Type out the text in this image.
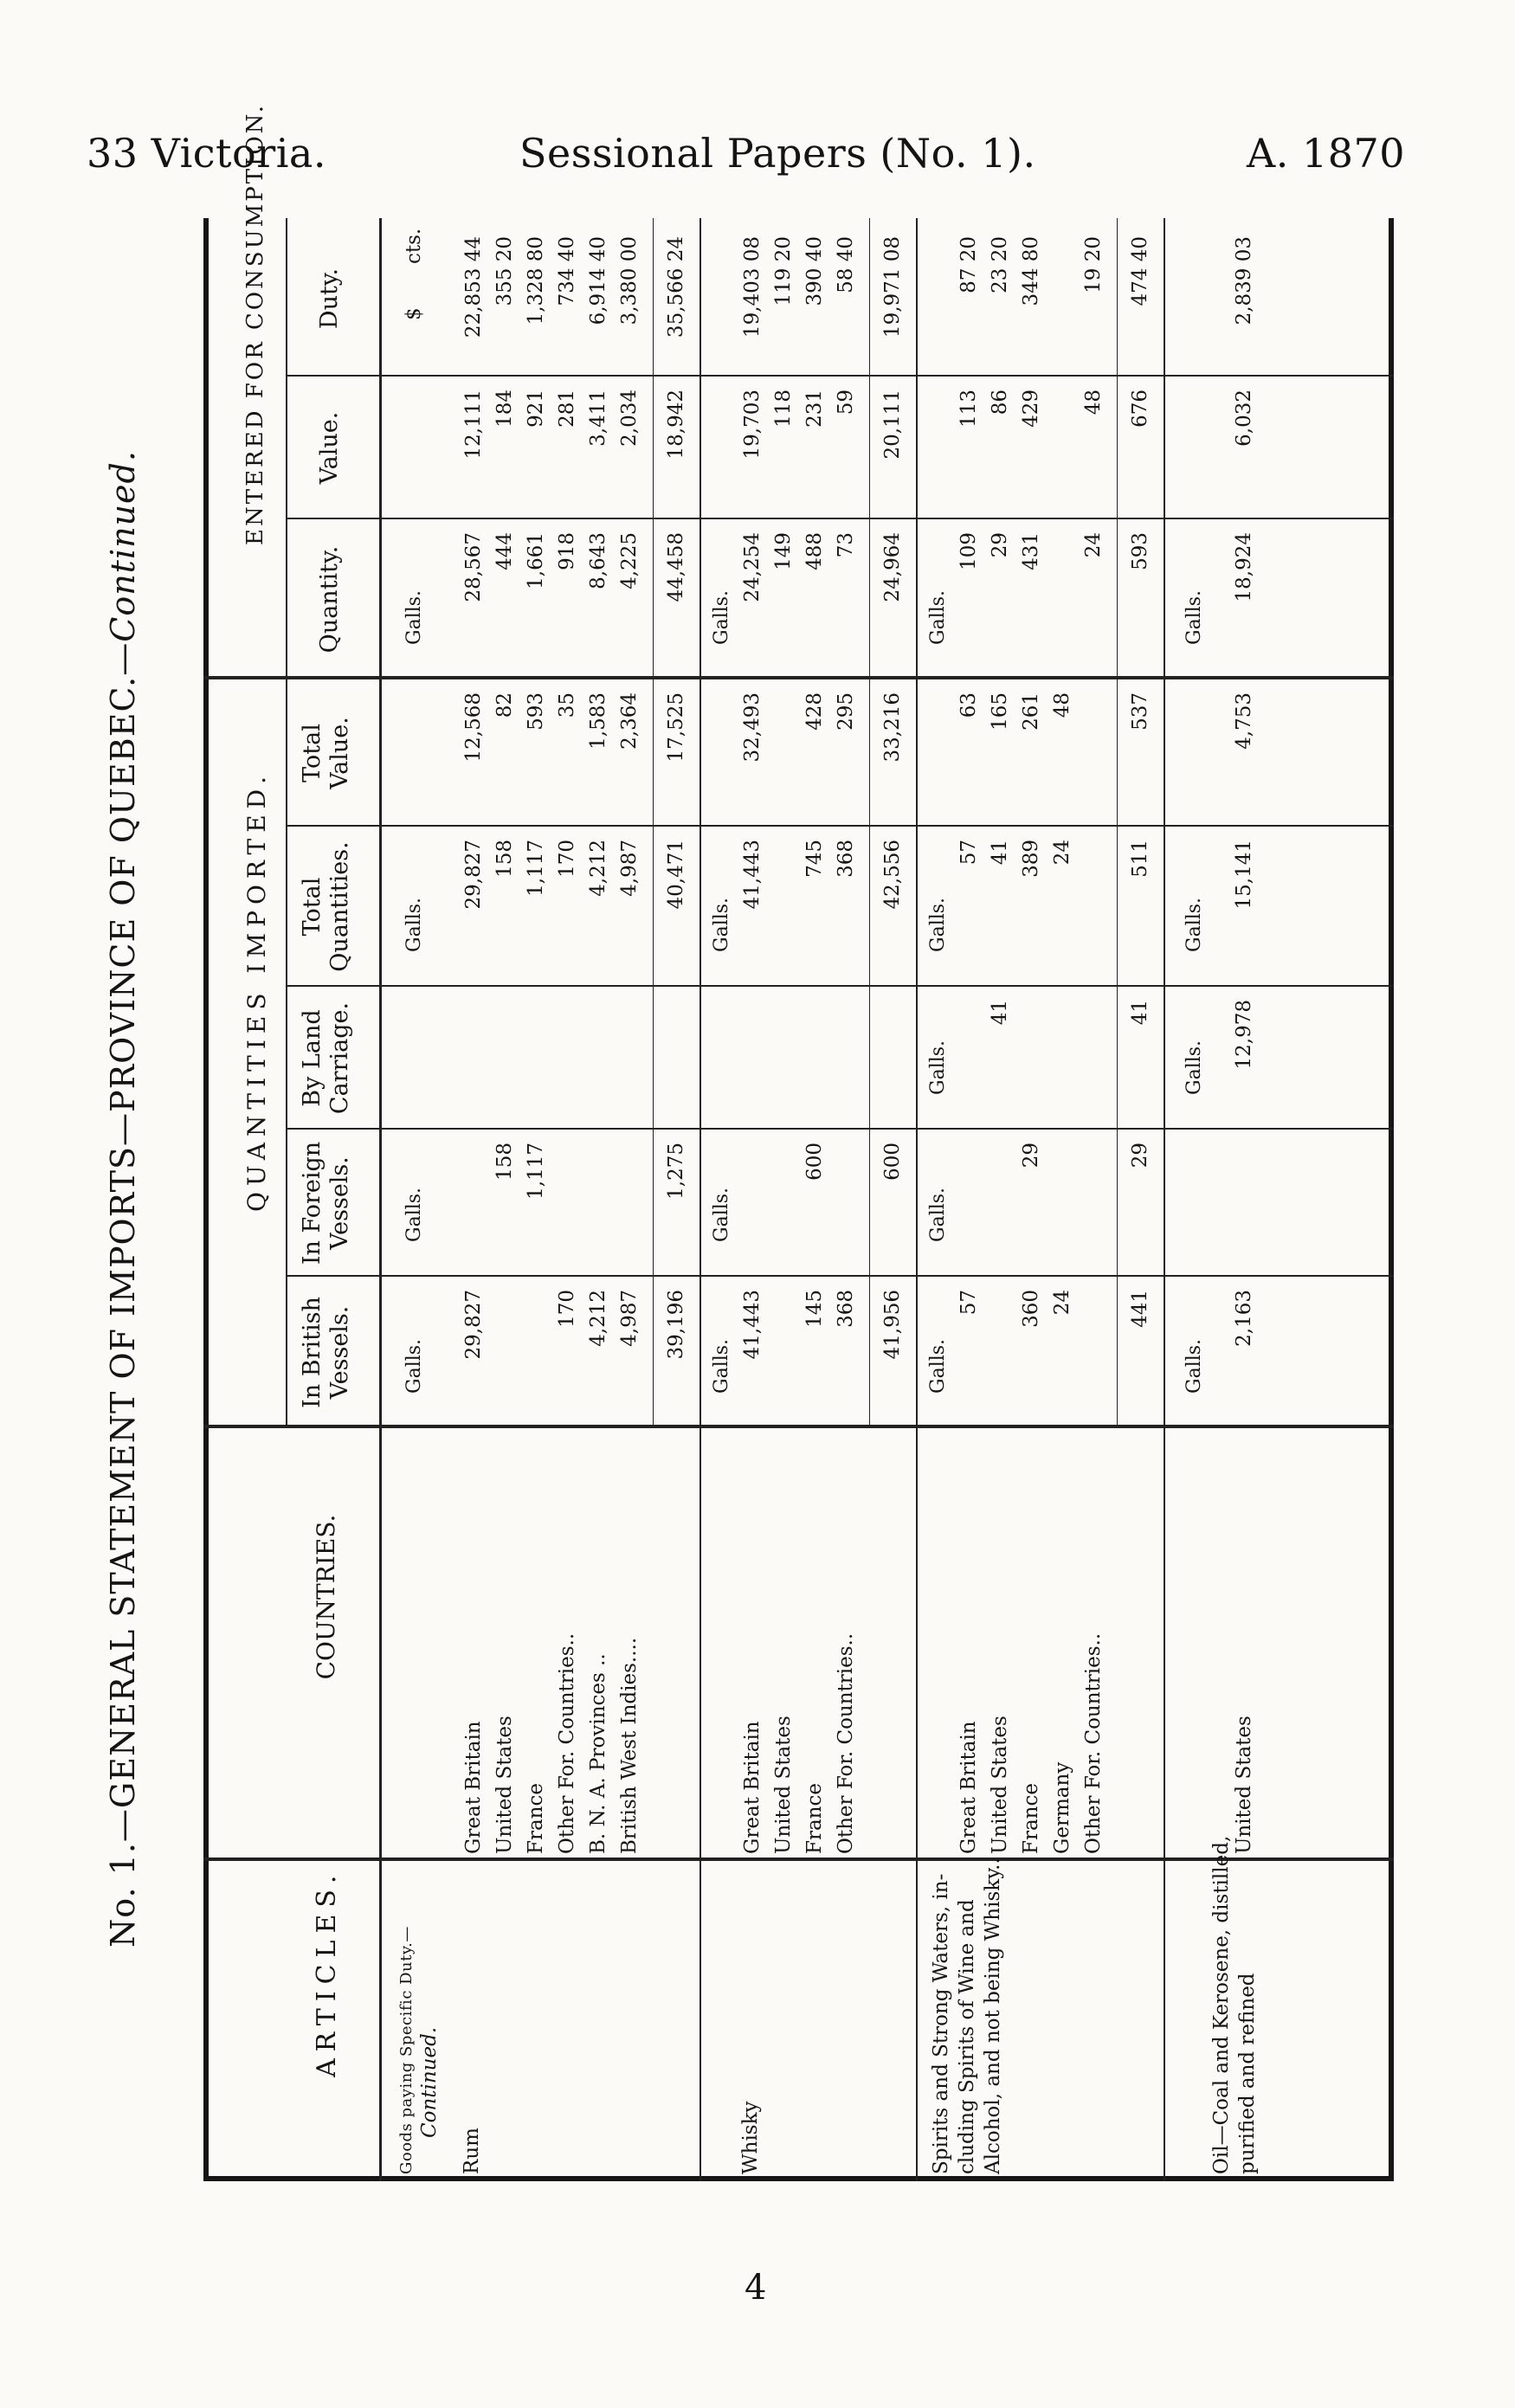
33 Victoria.	Sessional Papers (No. 1).	A. 1870
No. 1.—GENERAL STATEMENT OF IMPORTS—PROVINCE OF QUEBEC.—Continued.
ARTICLES.
COUNTRIES.
QUANTITIES IMPORTED.
ENTERED FOR CONSUMPTION.
In British Vessels.
In Foreign Vessels.
By Land Carriage.
Total Quantities.
Total Value.
Quantity.
Value.
Duty.
Goods paying Specific Duty.— Continued.
Galls.
Galls.
Galls.
Galls.
$
cts.
Rum
Great Britain
29,827
29,827
12,568
28,567
12,111
22,853 44
United States
158
158
82
444
184
355 20
France
1,117
1,117
593
1,661
921
1,328 80
Other For. Countries..
170
170
35
918
281
734 40
B. N. A. Provinces ..
4,212
4,212
1,583
8,643
3,411
6,914 40
British West Indies....
4,987
4,987
2,364
4,225
2,034
3,380 00
39,196
1,275
40,471
17,525
44,458
18,942
35,566 24
Galls.
Galls.
Galls.
Galls.
Whisky
Great Britain
41,443
41,443
32,493
24,254
19,703
19,403 08
United States
149
118
119 20
France
145
600
745
428
488
231
390 40
Other For. Countries..
368
368
295
73
59
58 40
41,956
600
42,556
33,216
24,964
20,111
19,971 08
Galls.
Galls.
Galls.
Galls.
Galls.
Spirits and Strong Waters, in- cluding Spirits of Wine and Alcohol, and not being Whisky..
Great Britain
57
57
63
109
113
87 20
United States
41
41
165
29
86
23 20
France
360
29
389
261
431
429
344 80
Germany
24
24
48
Other For. Countries..
24
48
19 20
441
29
41
511
537
593
676
474 40
Galls.
Galls.
Galls.
Galls.
Oil—Coal and Kerosene, distilled, purified and refined
United States
2,163
12,978
15,141
4,753
18,924
6,032
2,839 03
4
